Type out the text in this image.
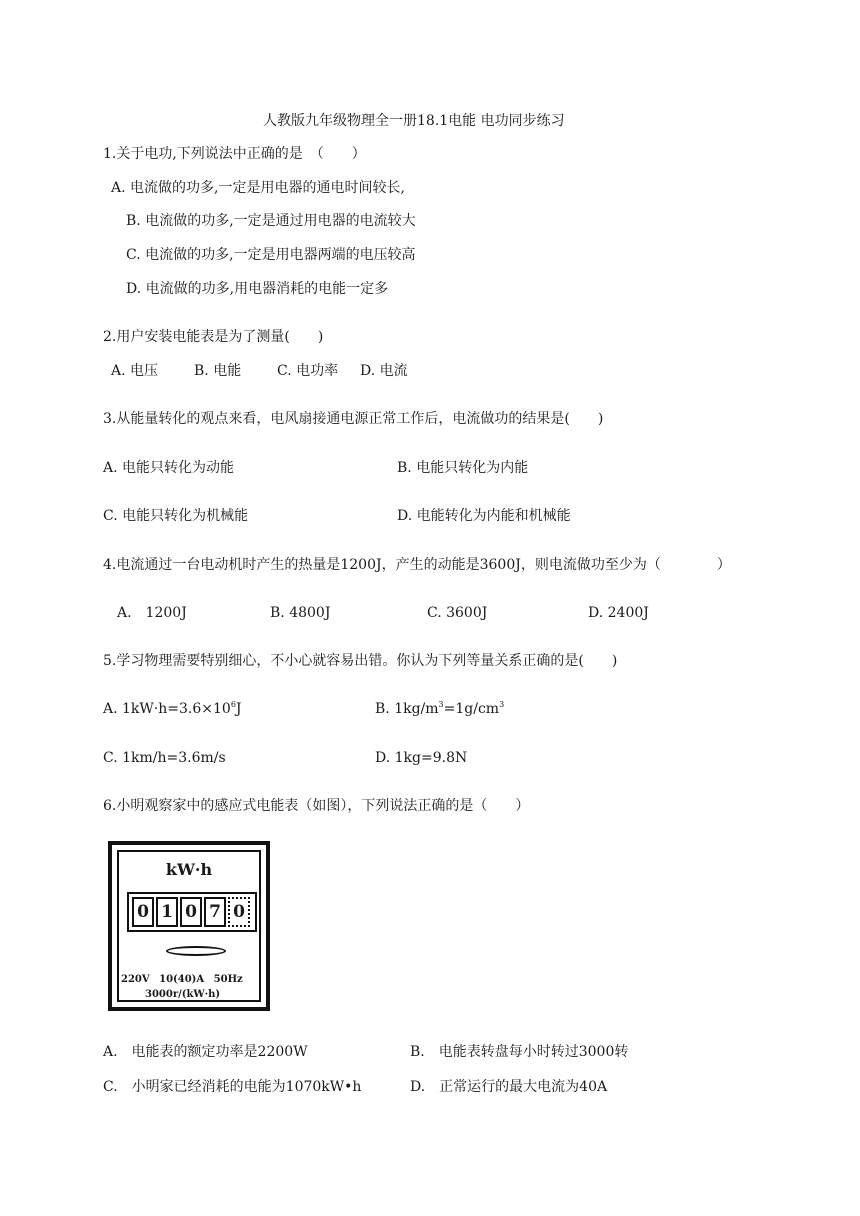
人教版九年级物理全一册18.1电能 电功同步练习
1.关于电功,下列说法中正确的是　（　　）
A. 电流做的功多,一定是用电器的通电时间较长,
B. 电流做的功多,一定是通过用电器的电流较大
C. 电流做的功多,一定是用电器两端的电压较高
D. 电流做的功多,用电器消耗的电能一定多
2.用户安装电能表是为了测量(　　)
A. 电压	B. 电能	C. 电功率 D. 电流
3.从能量转化的观点来看，电风扇接通电源正常工作后，电流做功的结果是(　　)
A. 电能只转化为动能	B. 电能只转化为内能
C. 电能只转化为机械能	D. 电能转化为内能和机械能
4.电流通过一台电动机时产生的热量是1200J，产生的动能是3600J，则电流做功至少为（　　　　）
A.　1200J	B. 4800J	C. 3600J	D. 2400J
5.学习物理需要特别细心，不小心就容易出错。你认为下列等量关系正确的是(　　)
A. $1kW\cdot h=3.6\times 10^6J$	B. $1kg/m^3=1g/cm^3$
C. 1km/h=3.6m/s	D. 1kg=9.8N
6.小明观察家中的感应式电能表（如图），下列说法正确的是（　　）
kW·h
0 1 0 7 0
220V 10(40)A 50Hz
3000r/(kW·h)
A.　电能表的额定功率是2200W	B.　电能表转盘每小时转过3000转
C.　小明家已经消耗的电能为1070kW•h	D.　正常运行的最大电流为40A
